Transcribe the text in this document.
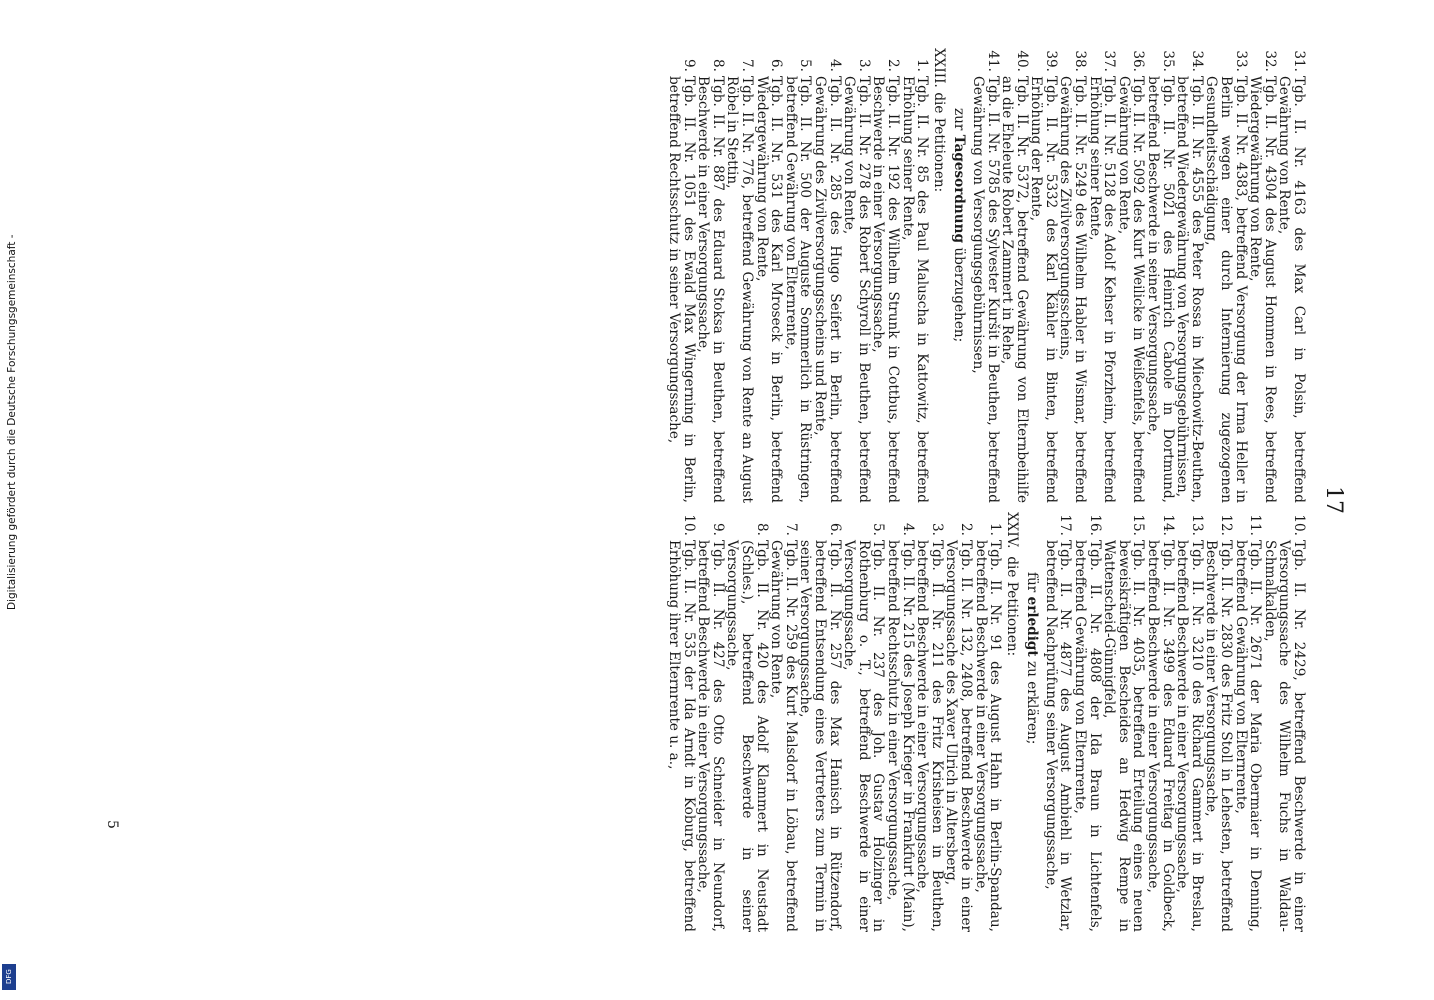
17
31.
Tgb. II. Nr. 4163 des Max Carl in Polsin, betreffend Gewährung von Rente,
32.
Tgb. II. Nr. 4304 des August Hommen in Rees, betreffend Wiedergewährung von Rente,
33.
Tgb. II. Nr. 4383, betreffend Versorgung der Irma Heller in Berlin wegen einer durch Internierung zugezogenen Gesundheitsschädigung,
34.
Tgb. II. Nr. 4555 des Peter Rossa in Miechowitz-Beuthen, betreffend Wiedergewährung von Versorgungsgebührnissen,
35.
Tgb. II. Nr. 5021 des Heinrich Cabole in Dortmund, betreffend Beschwerde in seiner Versorgungssache,
36.
Tgb. II. Nr. 5092 des Kurt Weilicke in Weißenfels, betreffend Gewährung von Rente,
37.
Tgb. II. Nr. 5128 des Adolf Kehser in Pforzheim, betreffend Erhöhung seiner Rente,
38.
Tgb. II. Nr. 5249 des Wilhelm Habler in Wismar, betreffend Gewährung des Zivilversorgungsscheins,
39.
Tgb. II. Nr. 5332 des Karl Kähler in Binten, betreffend Erhöhung der Rente,
40.
Tgb. II. Nr. 5372, betreffend Gewährung von Elternbeihilfe an die Eheleute Robert Zammert in Rehe,
41.
Tgb. II. Nr. 5785 des Sylvester Kuršit in Beuthen, betreffend Gewährung von Versorgungsgebührnissen,
zur Tagesordnung überzugehen;
XXIII. die Petitionen:
1.
Tgb. II. Nr. 85 des Paul Maluscha in Kattowitz, betreffend Erhöhung seiner Rente,
2.
Tgb. II. Nr. 192 des Wilhelm Strunk in Cottbus, betreffend Beschwerde in einer Versorgungssache,
3.
Tgb. II. Nr. 278 des Robert Schyroll in Beuthen, betreffend Gewährung von Rente,
4.
Tgb. II. Nr. 285 des Hugo Seifert in Berlin, betreffend Gewährung des Zivilversorgungsscheins und Rente,
5.
Tgb. II. Nr. 500 der Auguste Sommerlich in Rüstringen, betreffend Gewährung von Elternrente,
6.
Tgb. II. Nr. 531 des Karl Mroseck in Berlin, betreffend Wiedergewährung von Rente,
7.
Tgb. II. Nr. 776, betreffend Gewährung von Rente an August Röbel in Stettin,
8.
Tgb. II. Nr. 887 des Eduard Stoksa in Beuthen, betreffend Beschwerde in einer Versorgungssache,
9.
Tgb. II. Nr. 1051 des Ewald Max Wingerning in Berlin, betreffend Rechtsschutz in seiner Versorgungssache,
10.
Tgb. II. Nr. 2429, betreffend Beschwerde in einer Versorgungssache des Wilhelm Fuchs in Waldau-Schmalkalden,
11.
Tgb. II. Nr. 2671 der Maria Obermaier in Denning, betreffend Gewährung von Elternrente,
12.
Tgb. II. Nr. 2830 des Fritz Stoll in Lehesten, betreffend Beschwerde in einer Versorgungssache,
13.
Tgb. II. Nr. 3210 des Richard Gammert in Breslau, betreffend Beschwerde in einer Versorgungssache,
14.
Tgb. II. Nr. 3499 des Eduard Freitag in Goldbeck, betreffend Beschwerde in einer Versorgungssache,
15.
Tgb. II. Nr. 4035, betreffend Erteilung eines neuen beweiskräftigen Bescheides an Hedwig Rempe in Wattenscheid-Günnigfeld,
16.
Tgb. II. Nr. 4808 der Ida Braun in Lichtenfels, betreffend Gewährung von Elternrente,
17.
Tgb. II. Nr. 4877 des August Ambiehl in Wetzlar, betreffend Nachprüfung seiner Versorgungssache,
für erledigt zu erklären;
XXIV. die Petitionen:
1.
Tgb. II. Nr. 91 des August Hahn in Berlin-Spandau, betreffend Beschwerde in einer Versorgungssache,
2.
Tgb. II. Nr. 132, 2408, betreffend Beschwerde in einer Versorgungssache des Xaver Ulrich in Altersberg,
3.
Tgb. II. Nr. 211 des Fritz Krisheisen in Beuthen, betreffend Beschwerde in einer Versorgungssache,
4.
Tgb. II. Nr. 215 des Joseph Krieger in Frankfurt (Main), betreffend Rechtsschutz in einer Versorgungssache,
5.
Tgb. II. Nr. 237 des Joh. Gustav Holzinger in Rothenburg o. T., betreffend Beschwerde in einer Versorgungssache,
6.
Tgb. II. Nr. 257 des Max Hanisch in Rützendorf, betreffend Entsendung eines Vertreters zum Termin in seiner Versorgungssache,
7.
Tgb. II. Nr. 259 des Kurt Malsdorf in Löbau, betreffend Gewährung von Rente,
8.
Tgb. II. Nr. 420 des Adolf Klammert in Neustadt (Schles.), betreffend Beschwerde in seiner Versorgungssache,
9.
Tgb. II. Nr. 427 des Otto Schneider in Neundorf, betreffend Beschwerde in einer Versorgungssache,
10.
Tgb. II. Nr. 535 der Ida Arndt in Koburg, betreffend Erhöhung ihrer Elternrente u. a.,
5
Digitalisierung gefördert durch die Deutsche Forschungsgemeinschaft -
DFG
